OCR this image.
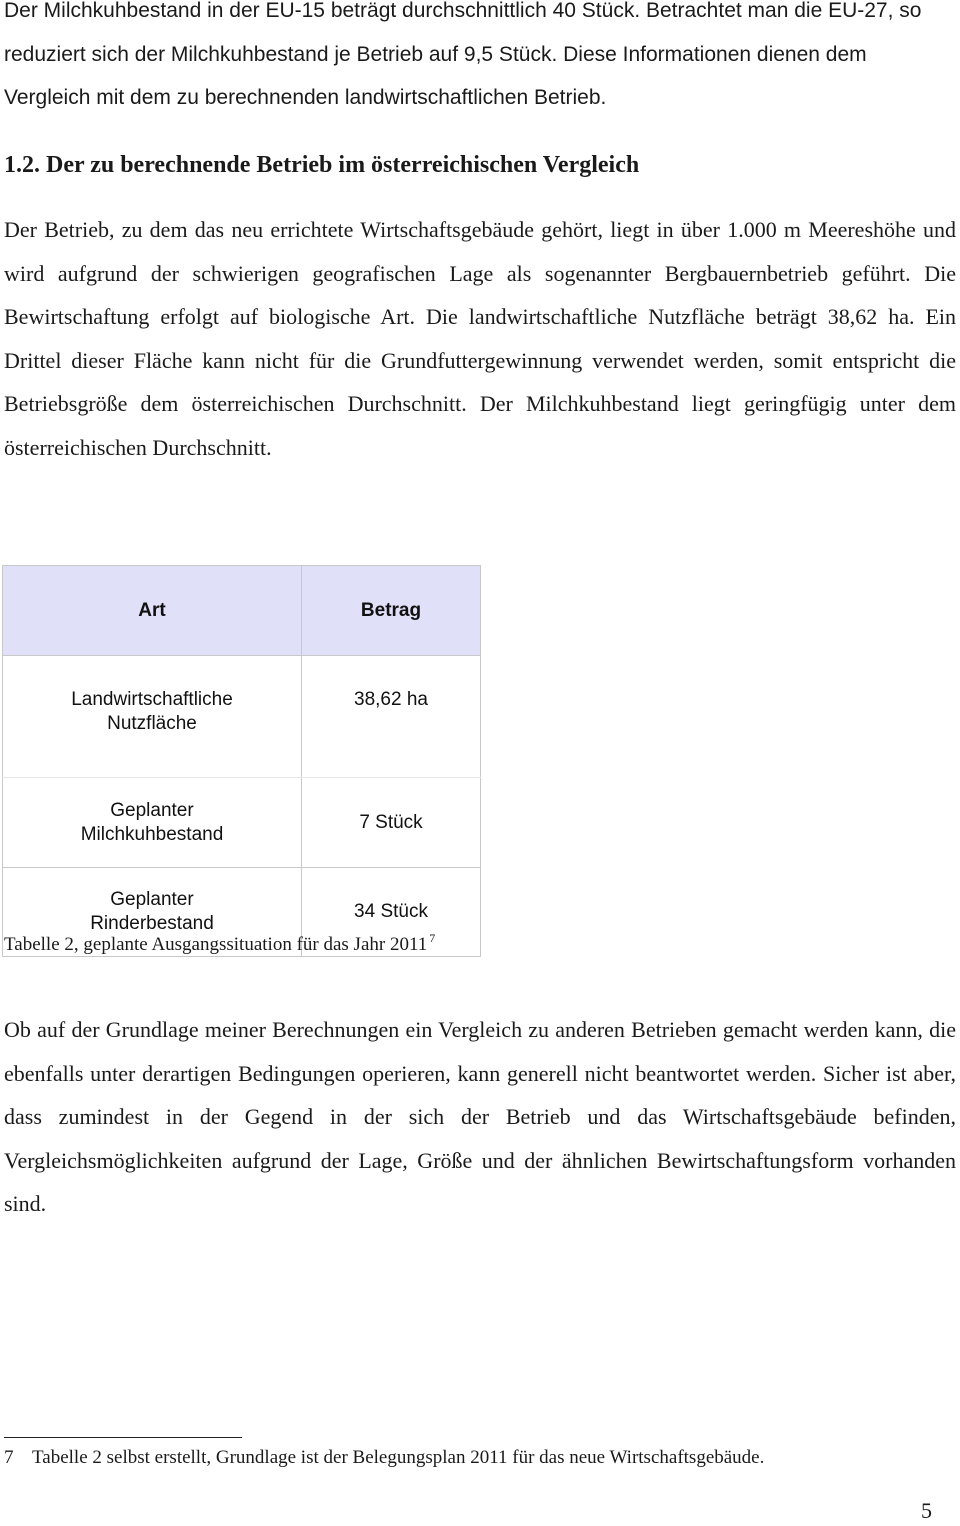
Der Milchkuhbestand in der EU-15 beträgt durchschnittlich 40 Stück. Betrachtet man die EU-27, so reduziert sich der Milchkuhbestand je Betrieb auf 9,5 Stück. Diese Informationen dienen dem Vergleich mit dem zu berechnenden landwirtschaftlichen Betrieb.

1.2. Der zu berechnende Betrieb im österreichischen Vergleich

Der Betrieb, zu dem das neu errichtete Wirtschaftsgebäude gehört, liegt in über 1.000 m Meereshöhe und wird aufgrund der schwierigen geografischen Lage als sogenannter Bergbauernbetrieb geführt. Die Bewirtschaftung erfolgt auf biologische Art. Die landwirtschaftliche Nutzfläche beträgt 38,62 ha. Ein Drittel dieser Fläche kann nicht für die Grundfuttergewinnung verwendet werden, somit entspricht die Betriebsgröße dem österreichischen Durchschnitt. Der Milchkuhbestand liegt geringfügig unter dem österreichischen Durchschnitt.

Art	Betrag
Landwirtschaftliche
Nutzfläche	38,62 ha
Geplanter
Milchkuhbestand	7 Stück
Geplanter
Rinderbestand	34 Stück

Tabelle 2, geplante Ausgangssituation für das Jahr 2011 $^7$

Ob auf der Grundlage meiner Berechnungen ein Vergleich zu anderen Betrieben gemacht werden kann, die ebenfalls unter derartigen Bedingungen operieren, kann generell nicht beantwortet werden. Sicher ist aber, dass zumindest in der Gegend in der sich der Betrieb und das Wirtschaftsgebäude befinden, Vergleichsmöglichkeiten aufgrund der Lage, Größe und der ähnlichen Bewirtschaftungsform vorhanden sind.

7 Tabelle 2 selbst erstellt, Grundlage ist der Belegungsplan 2011 für das neue Wirtschaftsgebäude.

5
